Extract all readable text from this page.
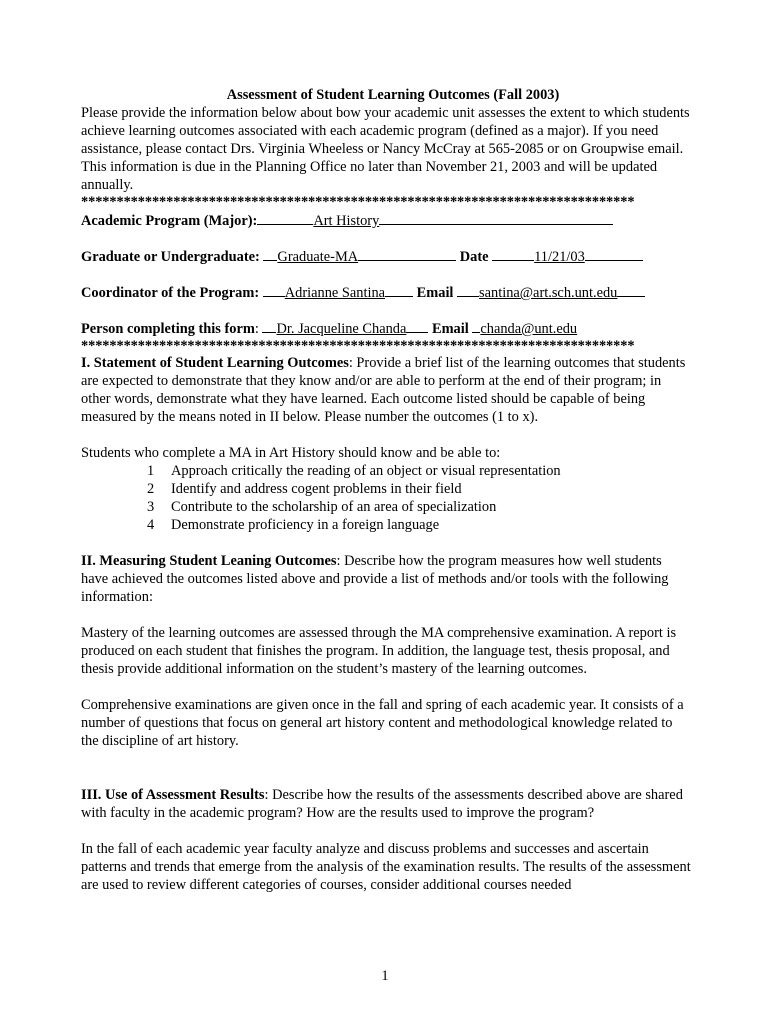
Assessment of Student Learning Outcomes (Fall 2003)

Please provide the information below about bow your academic unit assesses the extent to which students achieve learning outcomes associated with each academic program (defined as a major). If you need assistance, please contact Drs. Virginia Wheeless or Nancy McCray at 565-2085 or on Groupwise email. This information is due in the Planning Office no later than November 21, 2003 and will be updated annually.

******************************************************************************
Academic Program (Major):	Art History
Graduate or Undergraduate: Graduate-MA	Date	11/21/03
Coordinator of the Program: Adrianne Santina Email santina@art.sch.unt.edu
Person completing this form: Dr. Jacqueline Chanda Email chanda@unt.edu
******************************************************************************

I. Statement of Student Learning Outcomes: Provide a brief list of the learning outcomes that students are expected to demonstrate that they know and/or are able to perform at the end of their program; in other words, demonstrate what they have learned. Each outcome listed should be capable of being measured by the means noted in II below. Please number the outcomes (1 to x).

Students who complete a MA in Art History should know and be able to:

1 Approach critically the reading of an object or visual representation
2 Identify and address cogent problems in their field
3 Contribute to the scholarship of an area of specialization
4 Demonstrate proficiency in a foreign language

II. Measuring Student Leaning Outcomes: Describe how the program measures how well students have achieved the outcomes listed above and provide a list of methods and/or tools with the following information:

Mastery of the learning outcomes are assessed through the MA comprehensive examination. A report is produced on each student that finishes the program. In addition, the language test, thesis proposal, and thesis provide additional information on the student’s mastery of the learning outcomes.

Comprehensive examinations are given once in the fall and spring of each academic year. It consists of a number of questions that focus on general art history content and methodological knowledge related to the discipline of art history.

III. Use of Assessment Results: Describe how the results of the assessments described above are shared with faculty in the academic program? How are the results used to improve the program?

In the fall of each academic year faculty analyze and discuss problems and successes and ascertain patterns and trends that emerge from the analysis of the examination results. The results of the assessment are used to review different categories of courses, consider additional courses needed

1
